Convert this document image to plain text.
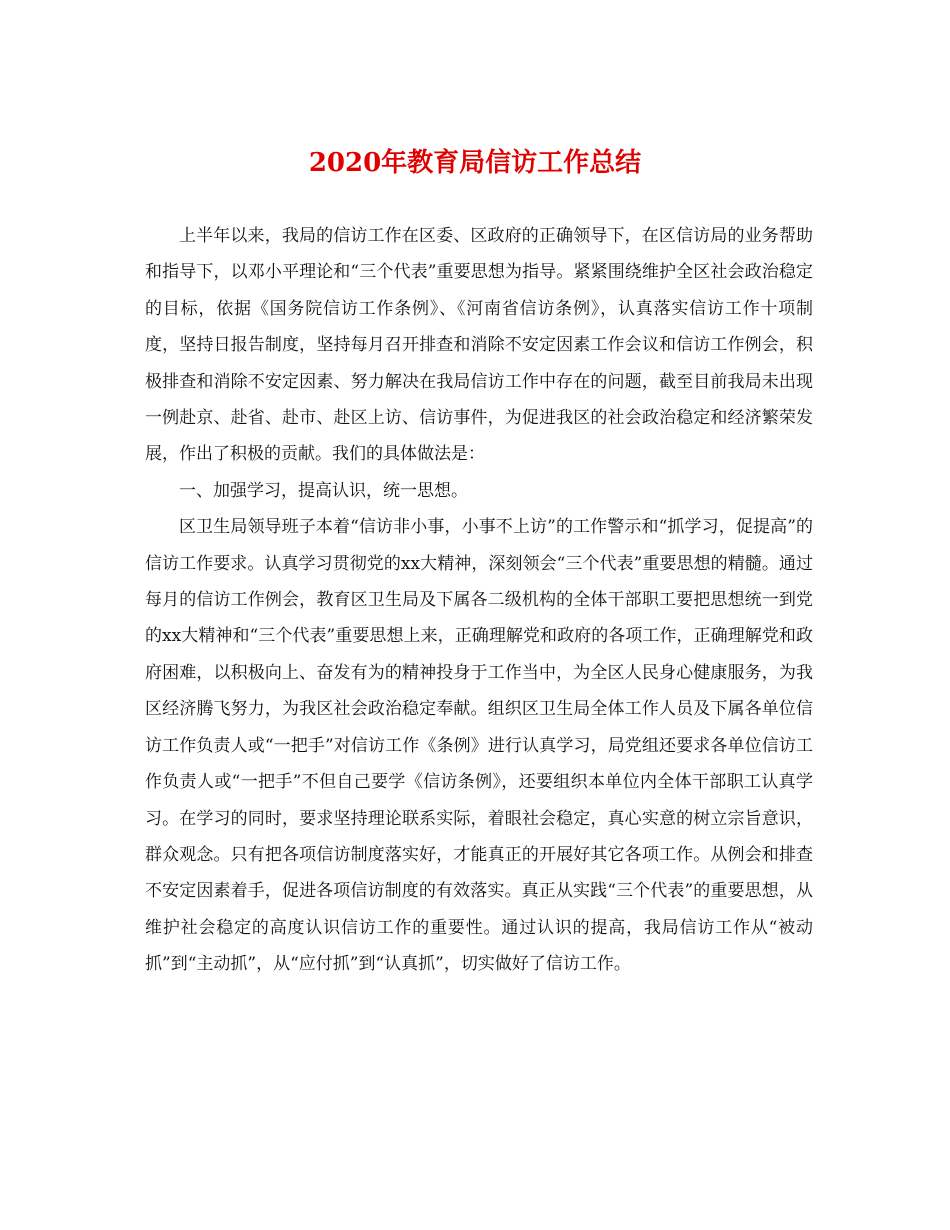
2020年教育局信访工作总结

上半年以来，我局的信访工作在区委、区政府的正确领导下，在区信访局的业务帮助和指导下，以邓小平理论和“三个代表”重要思想为指导。紧紧围绕维护全区社会政治稳定的目标，依据《国务院信访工作条例》、《河南省信访条例》，认真落实信访工作十项制度，坚持日报告制度，坚持每月召开排查和消除不安定因素工作会议和信访工作例会，积极排查和消除不安定因素、努力解决在我局信访工作中存在的问题，截至目前我局未出现一例赴京、赴省、赴市、赴区上访、信访事件，为促进我区的社会政治稳定和经济繁荣发展，作出了积极的贡献。我们的具体做法是：

一、加强学习，提高认识，统一思想。

区卫生局领导班子本着“信访非小事，小事不上访”的工作警示和“抓学习，促提高”的信访工作要求。认真学习贯彻党的xx大精神，深刻领会“三个代表”重要思想的精髓。通过每月的信访工作例会，教育区卫生局及下属各二级机构的全体干部职工要把思想统一到党的xx大精神和“三个代表”重要思想上来，正确理解党和政府的各项工作，正确理解党和政府困难，以积极向上、奋发有为的精神投身于工作当中，为全区人民身心健康服务，为我区经济腾飞努力，为我区社会政治稳定奉献。组织区卫生局全体工作人员及下属各单位信访工作负责人或“一把手”对信访工作《条例》进行认真学习，局党组还要求各单位信访工作负责人或“一把手”不但自己要学《信访条例》，还要组织本单位内全体干部职工认真学习。在学习的同时，要求坚持理论联系实际，着眼社会稳定，真心实意的树立宗旨意识，群众观念。只有把各项信访制度落实好，才能真正的开展好其它各项工作。从例会和排查不安定因素着手，促进各项信访制度的有效落实。真正从实践“三个代表”的重要思想，从维护社会稳定的高度认识信访工作的重要性。通过认识的提高，我局信访工作从“被动抓”到“主动抓”，从“应付抓”到“认真抓”，切实做好了信访工作。
